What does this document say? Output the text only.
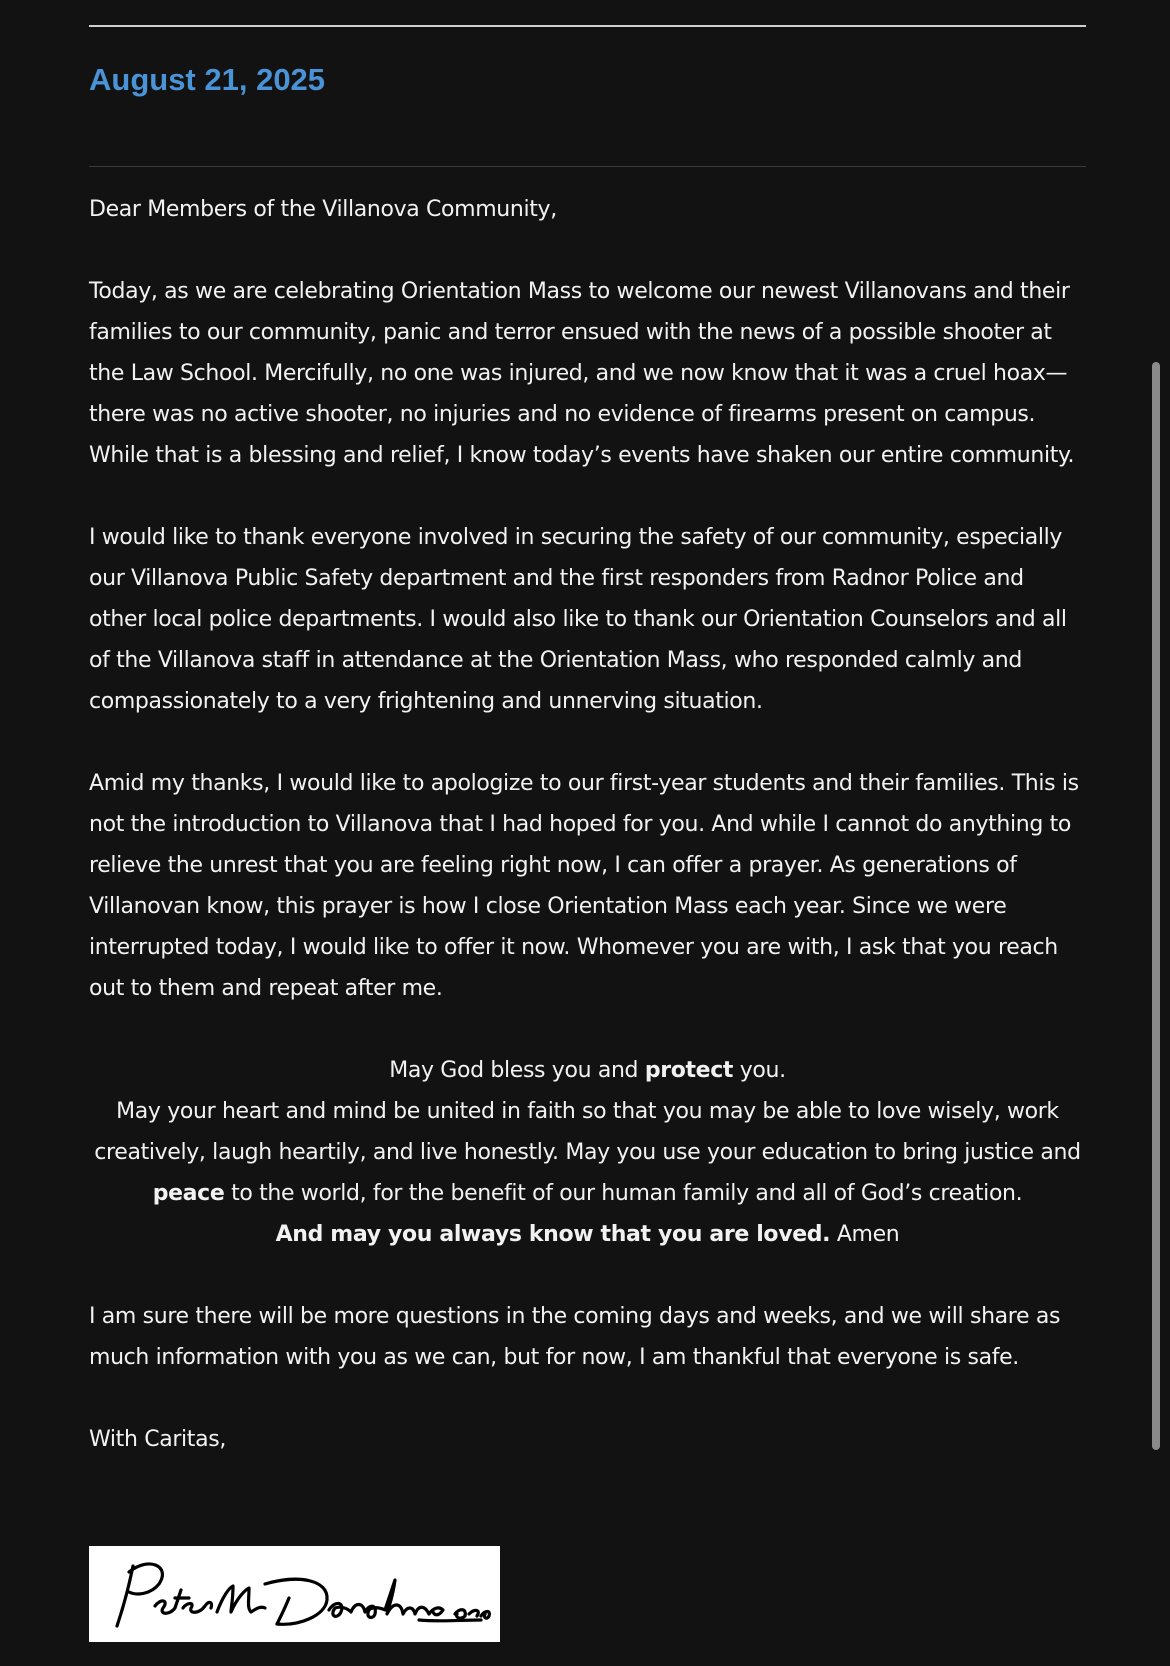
August 21, 2025

Dear Members of the Villanova Community,

Today, as we are celebrating Orientation Mass to welcome our newest Villanovans and their families to our community, panic and terror ensued with the news of a possible shooter at the Law School. Mercifully, no one was injured, and we now know that it was a cruel hoax—there was no active shooter, no injuries and no evidence of firearms present on campus. While that is a blessing and relief, I know today’s events have shaken our entire community.

I would like to thank everyone involved in securing the safety of our community, especially our Villanova Public Safety department and the first responders from Radnor Police and other local police departments. I would also like to thank our Orientation Counselors and all of the Villanova staff in attendance at the Orientation Mass, who responded calmly and compassionately to a very frightening and unnerving situation.

Amid my thanks, I would like to apologize to our first-year students and their families. This is not the introduction to Villanova that I had hoped for you. And while I cannot do anything to relieve the unrest that you are feeling right now, I can offer a prayer. As generations of Villanovan know, this prayer is how I close Orientation Mass each year. Since we were interrupted today, I would like to offer it now. Whomever you are with, I ask that you reach out to them and repeat after me.

May God bless you and protect you.
May your heart and mind be united in faith so that you may be able to love wisely, work creatively, laugh heartily, and live honestly. May you use your education to bring justice and peace to the world, for the benefit of our human family and all of God’s creation.
And may you always know that you are loved. Amen

I am sure there will be more questions in the coming days and weeks, and we will share as much information with you as we can, but for now, I am thankful that everyone is safe.

With Caritas,
